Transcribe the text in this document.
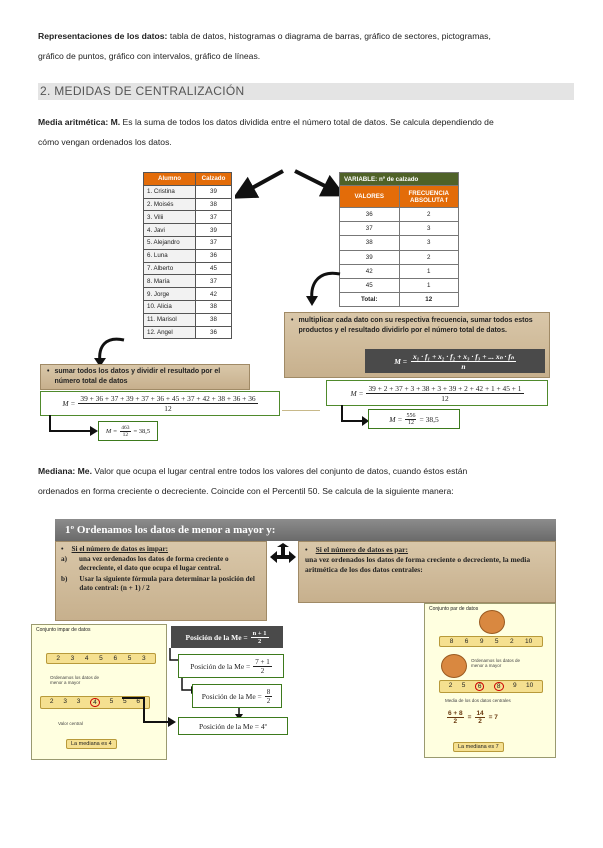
Representaciones de los datos: tabla de datos, histogramas o diagrama de barras, gráfico de sectores, pictogramas,
gráfico de puntos, gráfico con intervalos, gráfico de líneas.
2. MEDIDAS DE CENTRALIZACIÓN
Media aritmética: M. Es la suma de todos los datos dividida entre el número total de datos. Se calcula dependiendo de
cómo vengan ordenados los datos.
Alumno	Calzado
1. Cristina	39
2. Moisés	38
3. Vilii	37
4. Javi	39
5. Alejandro	37
6. Luna	36
7. Alberto	45
8. María	37
9. Jorge	42
10. Alicia	38
11. Marisol	38
12. Angel	36
VARIABLE: nº de calzado	
VALORES	FRECUENCIA ABSOLUTA f
36	2
37	3
38	3
39	2
42	1
45	1
Total:	12
• multiplicar cada dato con su respectiva frecuencia, sumar todos estos productos y el resultado dividirlo por el número total de datos.
$M = \frac{\text{x₁ · f₁ + x₂ · f₂ + x₃ · f₃ + ... xₙ · fₙ}}{n}$
$M = \frac{39 + 2 + 37 + 3 + 38 + 3 + 39 + 2 + 42 + 1 + 45 + 1}{12}$
$M = \frac{556}{12} = 38,5$
• sumar todos los datos y dividir el resultado por el número total de datos
$M = \frac{39 + 36 + 37 + 39 + 37 + 36 + 45 + 37 + 42 + 38 + 36 + 36}{12}$
$M = \frac{463}{12} = 38,5$
Mediana: Me. Valor que ocupa el lugar central entre todos los valores del conjunto de datos, cuando éstos están
ordenados en forma creciente o decreciente. Coincide con el Percentil 50. Se calcula de la siguiente manera:
1º Ordenamos los datos de menor a mayor y:
• Si el número de datos es impar:
a) una vez ordenados los datos de forma creciente o decreciente, el dato que ocupa el lugar central.
b) Usar la siguiente fórmula para determinar la posición del dato central: (n + 1) / 2
• Si el número de datos es par:
una vez ordenados los datos de forma creciente o decreciente, la media aritmética de los dos datos centrales:
Conjunto impar de datos
2 3 4 5 6 5 3
Ordenamos los datos de menor a mayor
2 3 3	4	5 5 6
Valor central
La mediana es 4
Posición de la $Me = \frac{n + 1}{2}$
Posición de la $Me = \frac{7 + 1}{2}$
Posición de la $Me = \frac{8}{2}$
Posición de la Me = 4º
Conjunto par de datos
8 6 9 5 2 10
Ordenamos los datos de menor a mayor
2 5	6	8	9 10
Media de los dos datos centrales
$\frac{6 + 8}{2} = \frac{14}{2} = 7$
La mediana es 7
